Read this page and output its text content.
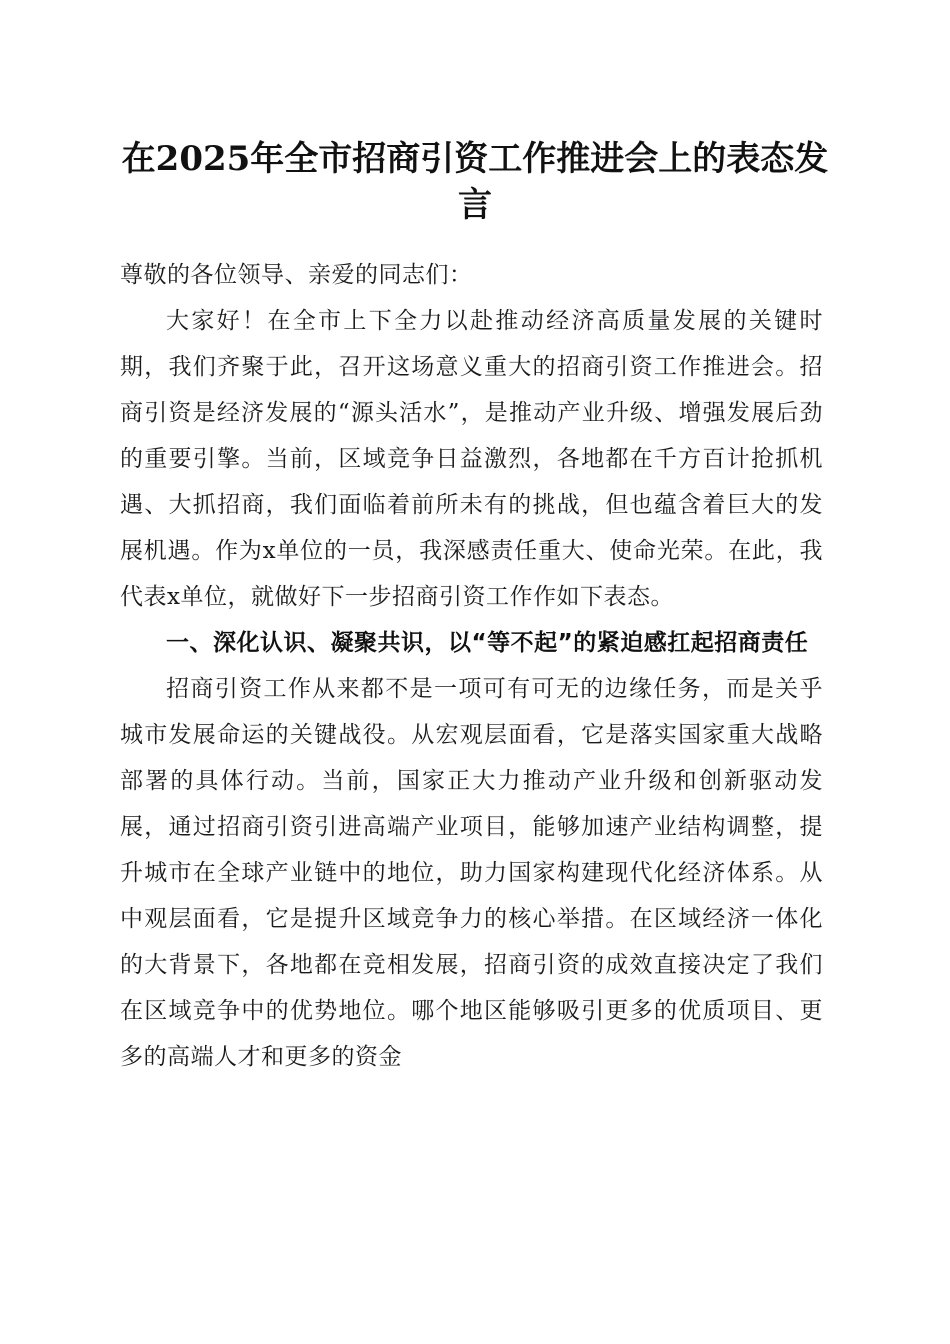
在2025年全市招商引资工作推进会上的表态发言

尊敬的各位领导、亲爱的同志们：

大家好！在全市上下全力以赴推动经济高质量发展的关键时期，我们齐聚于此，召开这场意义重大的招商引资工作推进会。招商引资是经济发展的“源头活水”，是推动产业升级、增强发展后劲的重要引擎。当前，区域竞争日益激烈，各地都在千方百计抢抓机遇、大抓招商，我们面临着前所未有的挑战，但也蕴含着巨大的发展机遇。作为x单位的一员，我深感责任重大、使命光荣。在此，我代表x单位，就做好下一步招商引资工作作如下表态。

一、深化认识、凝聚共识，以“等不起”的紧迫感扛起招商责任

招商引资工作从来都不是一项可有可无的边缘任务，而是关乎城市发展命运的关键战役。从宏观层面看，它是落实国家重大战略部署的具体行动。当前，国家正大力推动产业升级和创新驱动发展，通过招商引资引进高端产业项目，能够加速产业结构调整，提升城市在全球产业链中的地位，助力国家构建现代化经济体系。从中观层面看，它是提升区域竞争力的核心举措。在区域经济一体化的大背景下，各地都在竞相发展，招商引资的成效直接决定了我们在区域竞争中的优势地位。哪个地区能够吸引更多的优质项目、更多的高端人才和更多的资金
